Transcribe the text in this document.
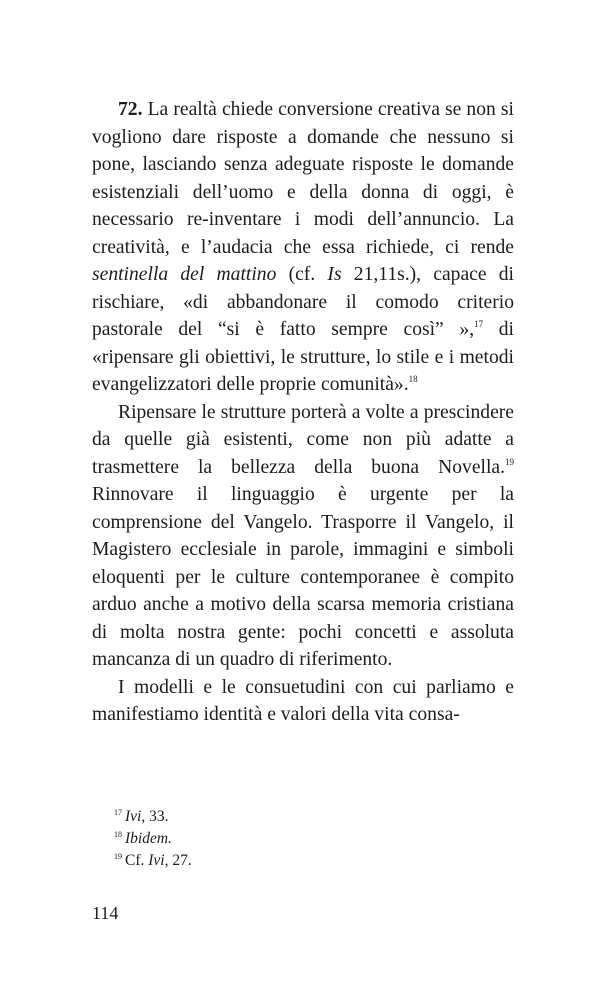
72. La realtà chiede conversione creativa se non si vogliono dare risposte a domande che nessuno si pone, lasciando senza adeguate risposte le domande esistenziali dell’uomo e della donna di oggi, è necessario re-inventare i modi dell’annuncio. La creatività, e l’audacia che essa richiede, ci rende sentinella del mattino (cf. Is 21,11s.), capace di rischiare, «di abbandonare il comodo criterio pastorale del “si è fatto sempre così” »,$^{17}$ di «ripensare gli obiettivi, le strutture, lo stile e i metodi evangelizzatori delle proprie comunità».$^{18}$

Ripensare le strutture porterà a volte a prescindere da quelle già esistenti, come non più adatte a trasmettere la bellezza della buona Novella.$^{19}$ Rinnovare il linguaggio è urgente per la comprensione del Vangelo. Trasporre il Vangelo, il Magistero ecclesiale in parole, immagini e simboli eloquenti per le culture contemporanee è compito arduo anche a motivo della scarsa memoria cristiana di molta nostra gente: pochi concetti e assoluta mancanza di un quadro di riferimento.

I modelli e le consuetudini con cui parliamo e manifestiamo identità e valori della vita consa-

$^{17}$ Ivi, 33.
$^{18}$ Ibidem.
$^{19}$ Cf. Ivi, 27.
114
